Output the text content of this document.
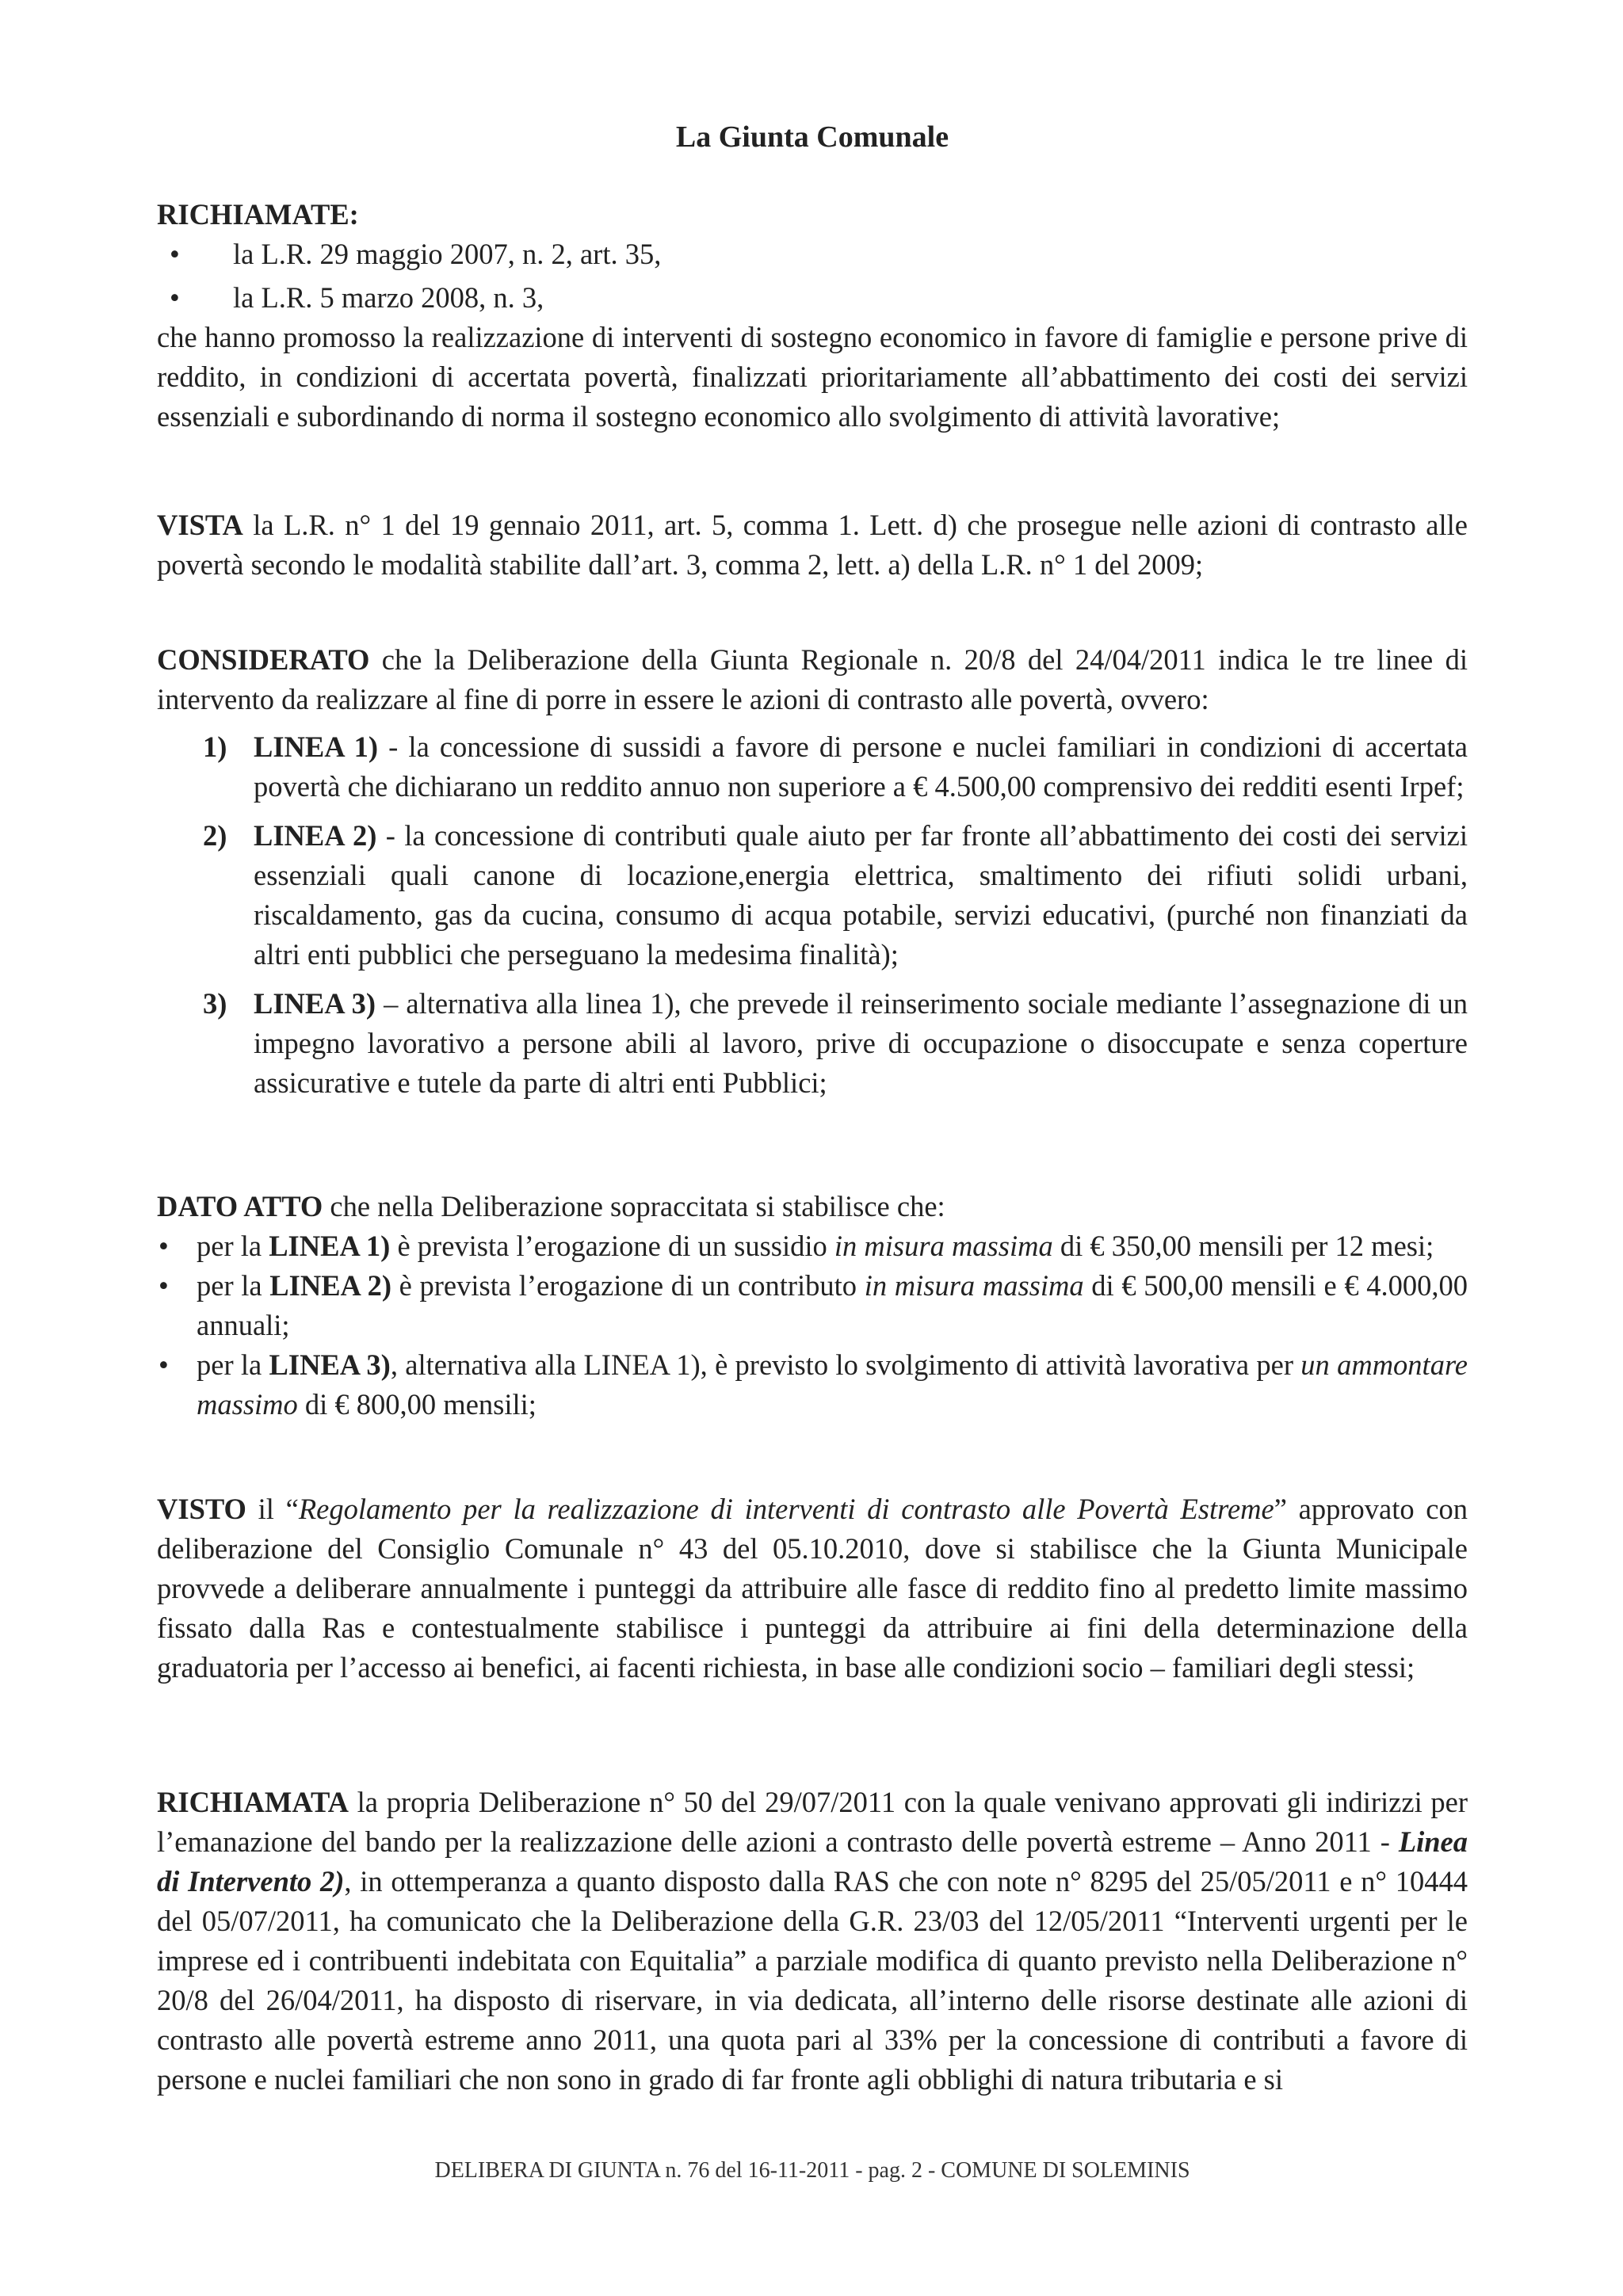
La Giunta Comunale

RICHIAMATE:

• la L.R. 29 maggio 2007, n. 2, art. 35,
• la L.R. 5 marzo 2008, n. 3,

che hanno promosso la realizzazione di interventi di sostegno economico in favore di famiglie e persone prive di reddito, in condizioni di accertata povertà, finalizzati prioritariamente all’abbattimento dei costi dei servizi essenziali e subordinando di norma il sostegno economico allo svolgimento di attività lavorative;

VISTA la L.R. n° 1 del 19 gennaio 2011, art. 5, comma 1. Lett. d) che prosegue nelle azioni di contrasto alle povertà secondo le modalità stabilite dall’art. 3, comma 2, lett. a) della L.R. n° 1 del 2009;

CONSIDERATO che la Deliberazione della Giunta Regionale n. 20/8 del 24/04/2011 indica le tre linee di intervento da realizzare al fine di porre in essere le azioni di contrasto alle povertà, ovvero:

1) LINEA 1) - la concessione di sussidi a favore di persone e nuclei familiari in condizioni di accertata povertà che dichiarano un reddito annuo non superiore a € 4.500,00 comprensivo dei redditi esenti Irpef;
2) LINEA 2) - la concessione di contributi quale aiuto per far fronte all’abbattimento dei costi dei servizi essenziali quali canone di locazione,energia elettrica, smaltimento dei rifiuti solidi urbani, riscaldamento, gas da cucina, consumo di acqua potabile, servizi educativi, (purché non finanziati da altri enti pubblici che perseguano la medesima finalità);
3) LINEA 3) – alternativa alla linea 1), che prevede il reinserimento sociale mediante l’assegnazione di un impegno lavorativo a persone abili al lavoro, prive di occupazione o disoccupate e senza coperture assicurative e tutele da parte di altri enti Pubblici;

DATO ATTO che nella Deliberazione sopraccitata si stabilisce che:

• per la LINEA 1) è prevista l’erogazione di un sussidio in misura massima di € 350,00 mensili per 12 mesi;
• per la LINEA 2) è prevista l’erogazione di un contributo in misura massima di € 500,00 mensili e € 4.000,00 annuali;
• per la LINEA 3), alternativa alla LINEA 1), è previsto lo svolgimento di attività lavorativa per un ammontare massimo di € 800,00 mensili;

VISTO il “Regolamento per la realizzazione di interventi di contrasto alle Povertà Estreme” approvato con deliberazione del Consiglio Comunale n° 43 del 05.10.2010, dove si stabilisce che la Giunta Municipale provvede a deliberare annualmente i punteggi da attribuire alle fasce di reddito fino al predetto limite massimo fissato dalla Ras e contestualmente stabilisce i punteggi da attribuire ai fini della determinazione della graduatoria per l’accesso ai benefici, ai facenti richiesta, in base alle condizioni socio – familiari degli stessi;

RICHIAMATA la propria Deliberazione n° 50 del 29/07/2011 con la quale venivano approvati gli indirizzi per l’emanazione del bando per la realizzazione delle azioni a contrasto delle povertà estreme – Anno 2011 - Linea di Intervento 2), in ottemperanza a quanto disposto dalla RAS che con note n° 8295 del 25/05/2011 e n° 10444 del 05/07/2011, ha comunicato che la Deliberazione della G.R. 23/03 del 12/05/2011 “Interventi urgenti per le imprese ed i contribuenti indebitata con Equitalia” a parziale modifica di quanto previsto nella Deliberazione n° 20/8 del 26/04/2011, ha disposto di riservare, in via dedicata, all’interno delle risorse destinate alle azioni di contrasto alle povertà estreme anno 2011, una quota pari al 33% per la concessione di contributi a favore di persone e nuclei familiari che non sono in grado di far fronte agli obblighi di natura tributaria e si

DELIBERA DI GIUNTA n. 76 del 16-11-2011 - pag. 2 - COMUNE DI SOLEMINIS
